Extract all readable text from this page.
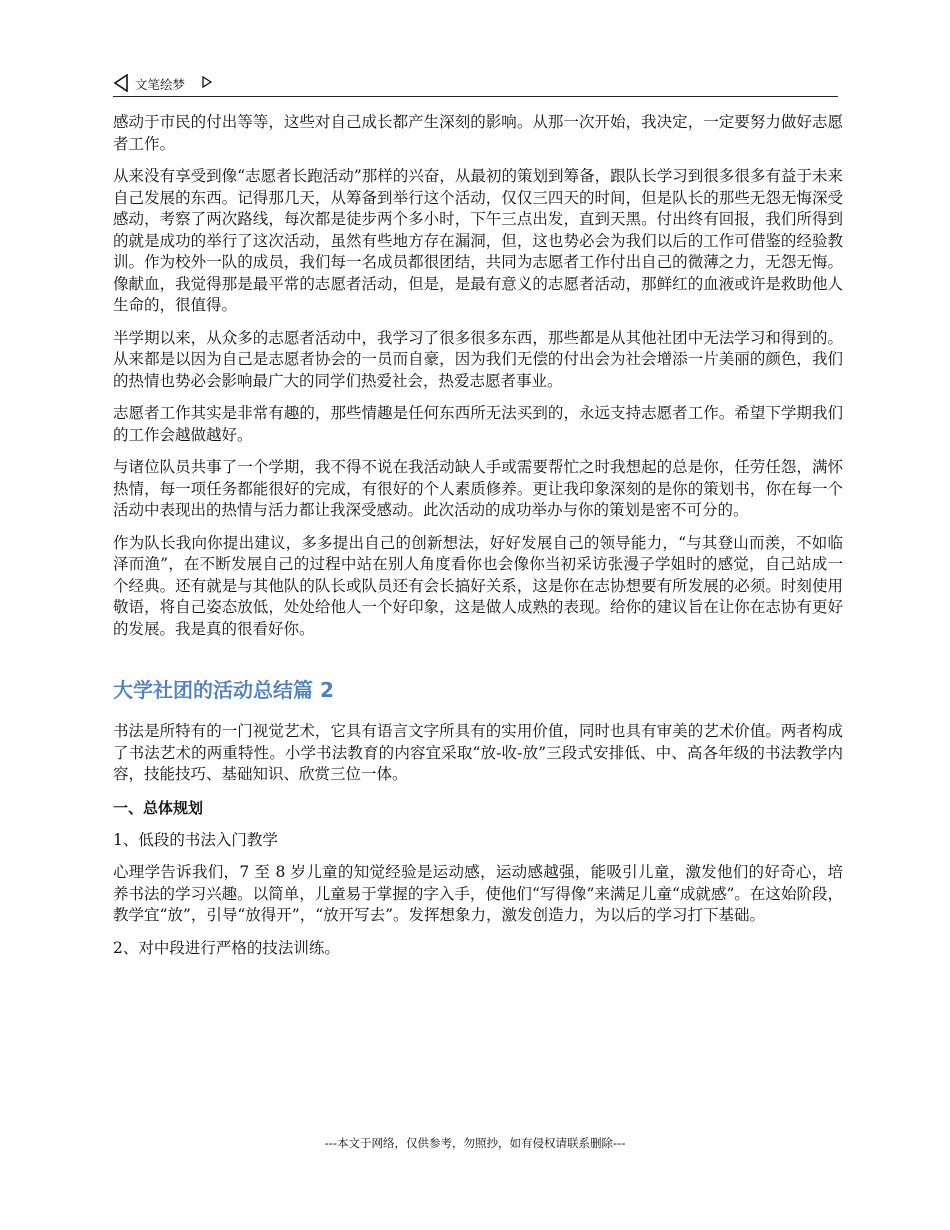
文笔绘梦

感动于市民的付出等等，这些对自己成长都产生深刻的影响。从那一次开始，我决定，一定要努力做好志愿者工作。

从来没有享受到像“志愿者长跑活动”那样的兴奋，从最初的策划到筹备，跟队长学习到很多很多有益于未来自己发展的东西。记得那几天，从筹备到举行这个活动，仅仅三四天的时间，但是队长的那些无怨无悔深受感动，考察了两次路线，每次都是徒步两个多小时，下午三点出发，直到天黑。付出终有回报，我们所得到的就是成功的举行了这次活动，虽然有些地方存在漏洞，但，这也势必会为我们以后的工作可借鉴的经验教训。作为校外一队的成员，我们每一名成员都很团结，共同为志愿者工作付出自己的微薄之力，无怨无悔。像献血，我觉得那是最平常的志愿者活动，但是，是最有意义的志愿者活动，那鲜红的血液或许是救助他人生命的，很值得。

半学期以来，从众多的志愿者活动中，我学习了很多很多东西，那些都是从其他社团中无法学习和得到的。从来都是以因为自己是志愿者协会的一员而自豪，因为我们无偿的付出会为社会增添一片美丽的颜色，我们的热情也势必会影响最广大的同学们热爱社会，热爱志愿者事业。

志愿者工作其实是非常有趣的，那些情趣是任何东西所无法买到的，永远支持志愿者工作。希望下学期我们的工作会越做越好。

与诸位队员共事了一个学期，我不得不说在我活动缺人手或需要帮忙之时我想起的总是你，任劳任怨，满怀热情，每一项任务都能很好的完成，有很好的个人素质修养。更让我印象深刻的是你的策划书，你在每一个活动中表现出的热情与活力都让我深受感动。此次活动的成功举办与你的策划是密不可分的。

作为队长我向你提出建议，多多提出自己的创新想法，好好发展自己的领导能力，“与其登山而羡，不如临泽而渔”，在不断发展自己的过程中站在别人角度看你也会像你当初采访张漫子学姐时的感觉，自己站成一个经典。还有就是与其他队的队长或队员还有会长搞好关系，这是你在志协想要有所发展的必须。时刻使用敬语，将自己姿态放低，处处给他人一个好印象，这是做人成熟的表现。给你的建议旨在让你在志协有更好的发展。我是真的很看好你。

大学社团的活动总结篇 2

书法是所特有的一门视觉艺术，它具有语言文字所具有的实用价值，同时也具有审美的艺术价值。两者构成了书法艺术的两重特性。小学书法教育的内容宜采取“放-收-放”三段式安排低、中、高各年级的书法教学内容，技能技巧、基础知识、欣赏三位一体。

一、总体规划

1、低段的书法入门教学

心理学告诉我们，7 至 8 岁儿童的知觉经验是运动感，运动感越强，能吸引儿童，激发他们的好奇心，培养书法的学习兴趣。以简单，儿童易于掌握的字入手，使他们“写得像”来满足儿童“成就感”。在这始阶段，教学宜“放”，引导“放得开”，“放开写去”。发挥想象力，激发创造力，为以后的学习打下基础。

2、对中段进行严格的技法训练。

---本文于网络，仅供参考，勿照抄，如有侵权请联系删除---
